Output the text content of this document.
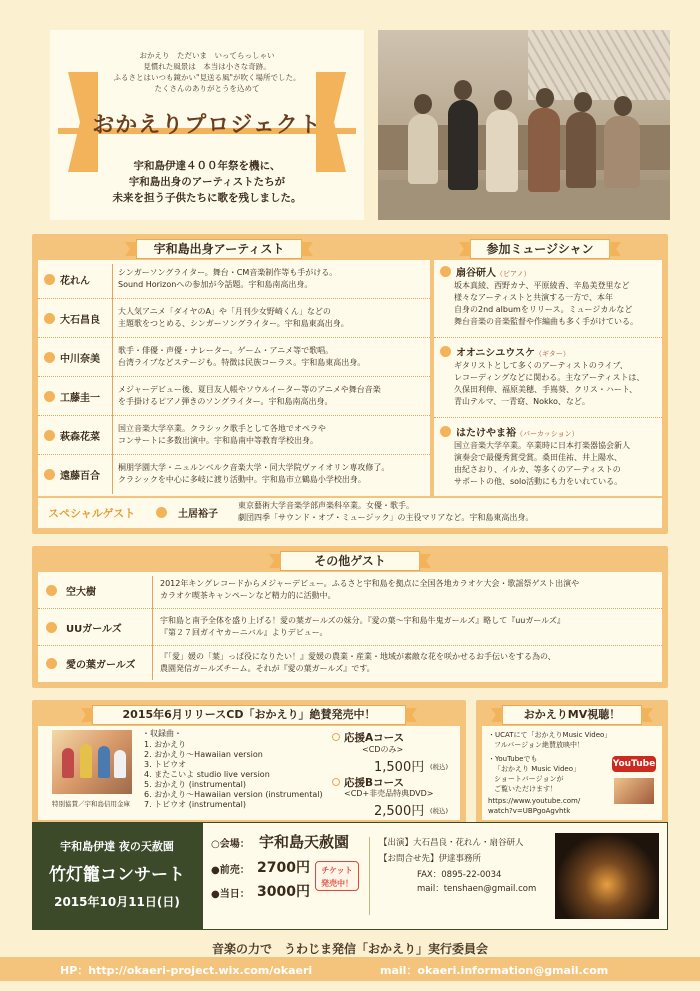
おかえり　ただいま　いってらっしゃい
見慣れた風景は　本当は小さな奇跡。
ふるさとはいつも鏡かい"見送る風"が吹く場所でした。
たくさんのありがとうを込めて
おかえりプロジェクト
宇和島伊達４００年祭を機に、
宇和島出身のアーティストたちが
未来を担う子供たちに歌を残しました。
宇和島出身アーティスト	参加ミュージシャン
花れん
シンガーソングライター。舞台・CM音楽制作等も手がける。
Sound Horizonへの参加が今話題。宇和島南高出身。
大石昌良
大人気アニメ「ダイヤのA」や「月刊少女野崎くん」などの
主題歌をつとめる、シンガーソングライター。宇和島東高出身。
中川奈美
歌手・俳優・声優・ナレーター。ゲーム・アニメ等で歌唱。
台湾ライブなどステージも。特徴は民族コーラス。宇和島東高出身。
工藤圭一
メジャーデビュー後、夏目友人帳やソウルイーター等のアニメや舞台音楽
を手掛けるピアノ弾きのソングライター。宇和島南高出身。
萩森花菜
国立音楽大学卒業。クラシック歌手として各地でオペラや
コンサートに多数出演中。宇和島南中等教育学校出身。
遠藤百合
桐朋学園大学・ニュルンベルク音楽大学・同大学院ヴァイオリン専攻修了。
クラシックを中心に多岐に渡り活動中。宇和島市立鶴島小学校出身。
扇谷研人（ピアノ）
坂本真綾、西野カナ、平原綾香、辛島美登里など
様々なアーティストと共演する一方で、本年
自身の2nd albumをリリース。ミュージカルなど
舞台音楽の音楽監督や作編曲も多く手がけている。
オオニシユウスケ（ギター）
ギタリストとして多くのアーティストのライブ、
レコーディングなどに関わる。主なアーティストは、
久保田利伸、福原美穂、手嶌葵、クリス・ハート、
青山テルマ、一青窈、Nokko、など。
はたけやま裕（パーカッション）
国立音楽大学卒業。卒業時に日本打楽器協会新人
演奏会で最優秀賞受賞。桑田佳祐、井上陽水、
由紀さおり、イルカ、等多くのアーティストの
サポートの他、solo活動にも力をいれている。
スペシャルゲスト	土居裕子
東京藝術大学音楽学部声楽科卒業。女優・歌手。
劇団四季「サウンド・オブ・ミュージック」の主役マリアなど。宇和島東高出身。
その他ゲスト
空大樹
2012年キングレコードからメジャーデビュー。ふるさと宇和島を拠点に全国各地カラオケ大会・歌謡祭ゲスト出演や
カラオケ喫茶キャンペーンなど精力的に活動中。
UUガールズ
宇和島と南予全体を盛り上げる！愛の葉ガールズの妹分。『愛の葉〜宇和島牛鬼ガールズ』略して『uuガールズ』
『第２７回ガイヤカーニバル』よりデビュー。
愛の葉ガールズ
『「愛」媛の「葉」っぱ役になりたい！』愛媛の農業・産業・地域が素敵な花を咲かせるお手伝いをする為の、
農園発信ガールズチーム。それが『愛の葉ガールズ』です。
2015年6月リリースCD「おかえり」絶賛発売中！
特別協賛／宇和島信用金庫
・収録曲・
1. おかえり
2. おかえり〜Hawaiian version
3. トビウオ
4. またこいよ studio live version
5. おかえり (instrumental)
6. おかえり〜Hawaiian version (instrumental)
7. トビウオ (instrumental)
応援Aコース
<CDのみ>
1,500円 (税込)
応援Bコース
<CD+非売品特典DVD>
2,500円 (税込)
おかえりMV視聴！
・UCATにて「おかえりMusic Video」
フルバージョン絶賛放映中！
・YouTubeでも
「おかえり Music Video」
ショートバージョンが
ご覧いただけます！
https://www.youtube.com/
watch?v=UBPgoAgvhtk
YouTube
宇和島伊達 夜の天赦園
竹灯籠コンサート
2015年10月11日(日)
○会場： 宇和島天赦園
●前売： 2700円
●当日： 3000円
チケット
発売中！
【出演】大石昌良・花れん・扇谷研人
【お問合せ先】伊達事務所
FAX：0895-22-0034
mail：tenshaen@gmail.com
音楽の力で　うわじま発信「おかえり」実行委員会
HP：http://okaeri-project.wix.com/okaeri	mail：okaeri.information@gmail.com
